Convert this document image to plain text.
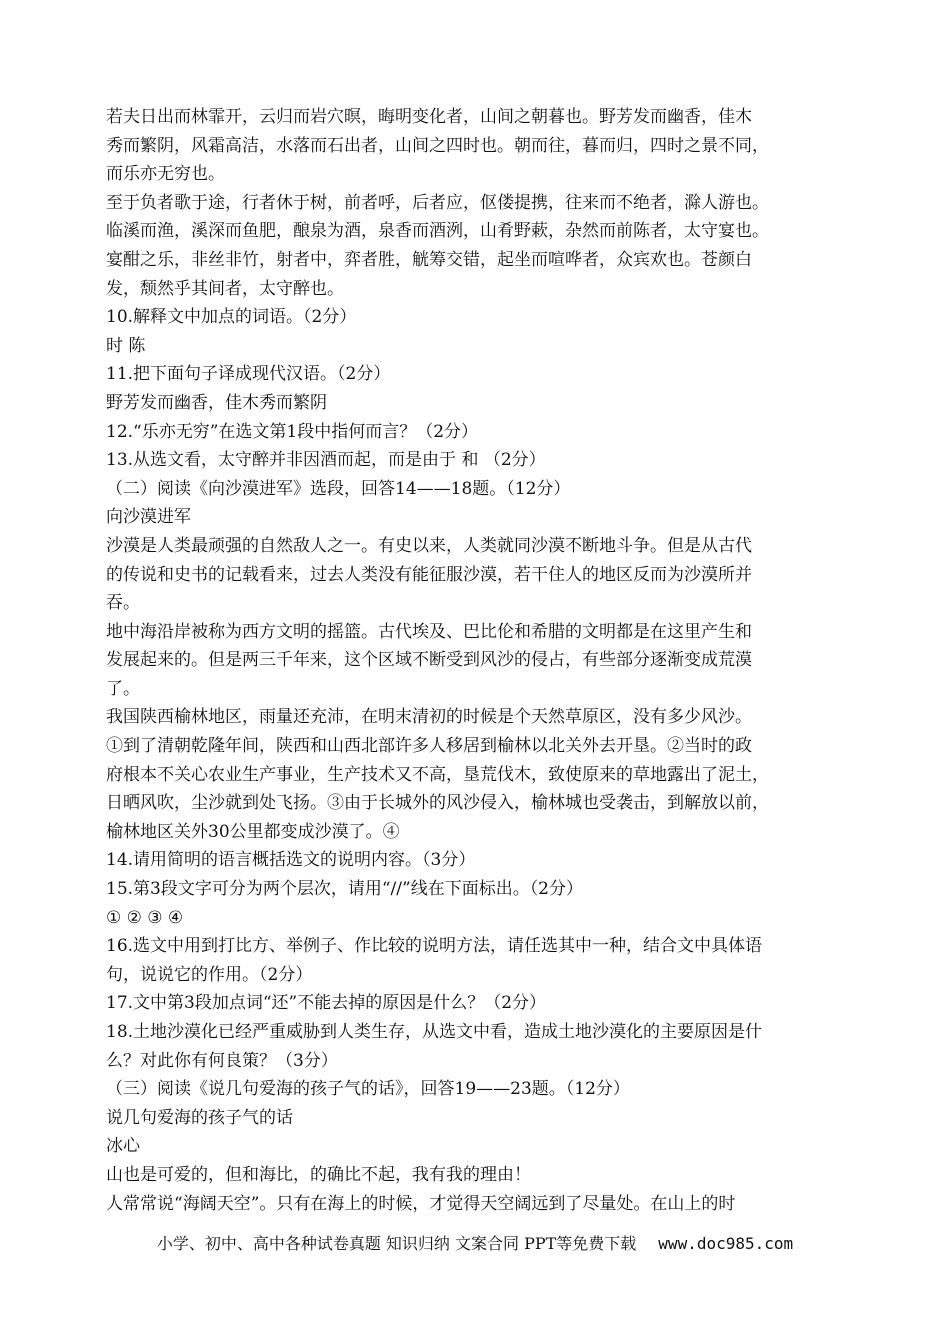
若夫日出而林霏开，云归而岩穴暝，晦明变化者，山间之朝暮也。野芳发而幽香，佳木
秀而繁阴，风霜高洁，水落而石出者，山间之四时也。朝而往，暮而归，四时之景不同，
而乐亦无穷也。
至于负者歌于途，行者休于树，前者呼，后者应，伛偻提携，往来而不绝者，滁人游也。
临溪而渔，溪深而鱼肥，酿泉为酒，泉香而酒洌，山肴野蔌，杂然而前陈者，太守宴也。
宴酣之乐，非丝非竹，射者中，弈者胜，觥筹交错，起坐而喧哗者，众宾欢也。苍颜白
发，颓然乎其间者，太守醉也。
10.解释文中加点的词语。（2分）
时 陈
11.把下面句子译成现代汉语。（2分）
野芳发而幽香，佳木秀而繁阴
12.“乐亦无穷”在选文第1段中指何而言？（2分）
13.从选文看，太守醉并非因酒而起，而是由于 和 （2分）
（二）阅读《向沙漠进军》选段，回答14——18题。（12分）
向沙漠进军
沙漠是人类最顽强的自然敌人之一。有史以来，人类就同沙漠不断地斗争。但是从古代
的传说和史书的记载看来，过去人类没有能征服沙漠，若干住人的地区反而为沙漠所并
吞。
地中海沿岸被称为西方文明的摇篮。古代埃及、巴比伦和希腊的文明都是在这里产生和
发展起来的。但是两三千年来，这个区域不断受到风沙的侵占，有些部分逐渐变成荒漠
了。
我国陕西榆林地区，雨量还充沛，在明末清初的时候是个天然草原区，没有多少风沙。
①到了清朝乾隆年间，陕西和山西北部许多人移居到榆林以北关外去开垦。②当时的政
府根本不关心农业生产事业，生产技术又不高，垦荒伐木，致使原来的草地露出了泥土，
日晒风吹，尘沙就到处飞扬。③由于长城外的风沙侵入，榆林城也受袭击，到解放以前，
榆林地区关外30公里都变成沙漠了。④
14.请用简明的语言概括选文的说明内容。（3分）
15.第3段文字可分为两个层次，请用“//”线在下面标出。（2分）
① ② ③ ④
16.选文中用到打比方、举例子、作比较的说明方法，请任选其中一种，结合文中具体语
句，说说它的作用。（2分）
17.文中第3段加点词“还”不能去掉的原因是什么？（2分）
18.土地沙漠化已经严重威胁到人类生存，从选文中看，造成土地沙漠化的主要原因是什
么？对此你有何良策？（3分）
（三）阅读《说几句爱海的孩子气的话》，回答19——23题。（12分）
说几句爱海的孩子气的话
冰心
山也是可爱的，但和海比，的确比不起，我有我的理由！
人常常说“海阔天空”。只有在海上的时候，才觉得天空阔远到了尽量处。在山上的时
小学、初中、高中各种试卷真题 知识归纳 文案合同 PPT等免费下载 www.doc985.com
